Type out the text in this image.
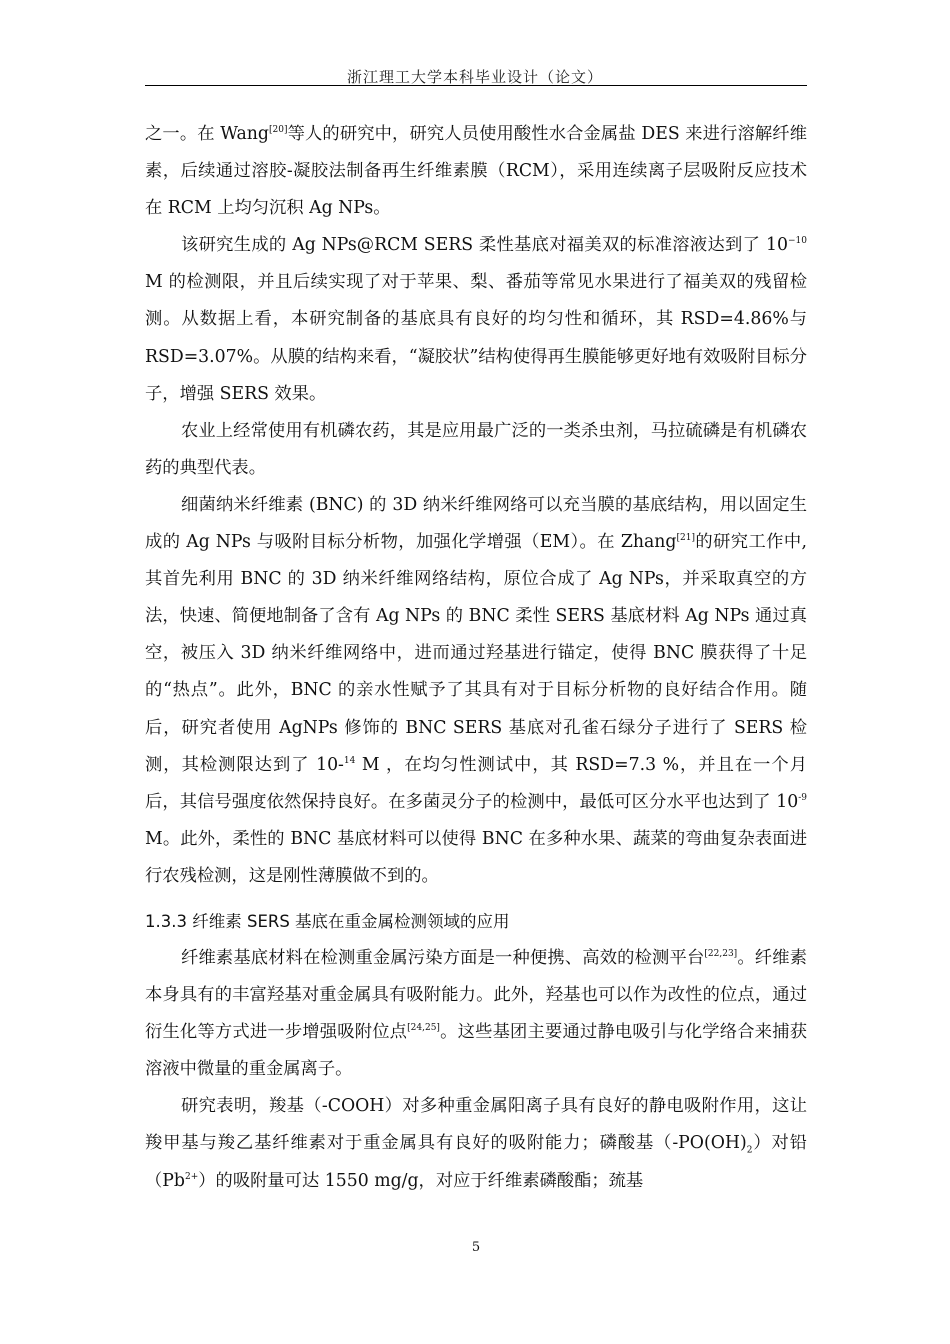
浙江理工大学本科毕业设计（论文）

之一。在 Wang[20]等人的研究中，研究人员使用酸性水合金属盐 DES 来进行溶解纤维素，后续通过溶胶-凝胶法制备再生纤维素膜（RCM），采用连续离子层吸附反应技术在 RCM 上均匀沉积 Ag NPs。

该研究生成的 Ag NPs@RCM SERS 柔性基底对福美双的标准溶液达到了 $10^{-10}$ M 的检测限，并且后续实现了对于苹果、梨、番茄等常见水果进行了福美双的残留检测。从数据上看，本研究制备的基底具有良好的均匀性和循环，其 RSD=4.86%与 RSD=3.07%。从膜的结构来看，“凝胶状”结构使得再生膜能够更好地有效吸附目标分子，增强 SERS 效果。

农业上经常使用有机磷农药，其是应用最广泛的一类杀虫剂，马拉硫磷是有机磷农药的典型代表。

细菌纳米纤维素 (BNC) 的 3D 纳米纤维网络可以充当膜的基底结构，用以固定生成的 Ag NPs 与吸附目标分析物，加强化学增强（EM）。在 Zhang[21]的研究工作中,其首先利用 BNC 的 3D 纳米纤维网络结构，原位合成了 Ag NPs，并采取真空的方法，快速、简便地制备了含有 Ag NPs 的 BNC 柔性 SERS 基底材料 Ag NPs 通过真空，被压入 3D 纳米纤维网络中，进而通过羟基进行锚定，使得 BNC 膜获得了十足的“热点”。此外，BNC 的亲水性赋予了其具有对于目标分析物的良好结合作用。随后，研究者使用 AgNPs 修饰的 BNC SERS 基底对孔雀石绿分子进行了 SERS 检测，其检测限达到了 10-$^{14}$ M ，在均匀性测试中，其 RSD=7.3 %，并且在一个月后，其信号强度依然保持良好。在多菌灵分子的检测中，最低可区分水平也达到了 $10^{-9}$ M。此外，柔性的 BNC 基底材料可以使得 BNC 在多种水果、蔬菜的弯曲复杂表面进行农残检测，这是刚性薄膜做不到的。

1.3.3 纤维素 SERS 基底在重金属检测领域的应用

纤维素基底材料在检测重金属污染方面是一种便携、高效的检测平台[22,23]。纤维素本身具有的丰富羟基对重金属具有吸附能力。此外，羟基也可以作为改性的位点，通过衍生化等方式进一步增强吸附位点[24,25]。这些基团主要通过静电吸引与化学络合来捕获溶液中微量的重金属离子。

研究表明，羧基（-COOH）对多种重金属阳离子具有良好的静电吸附作用，这让羧甲基与羧乙基纤维素对于重金属具有良好的吸附能力；磷酸基$(-PO(OH)_2)$对铅$(Pb^{2+})$的吸附量可达 1550 mg/g，对应于纤维素磷酸酯；巯基

5
